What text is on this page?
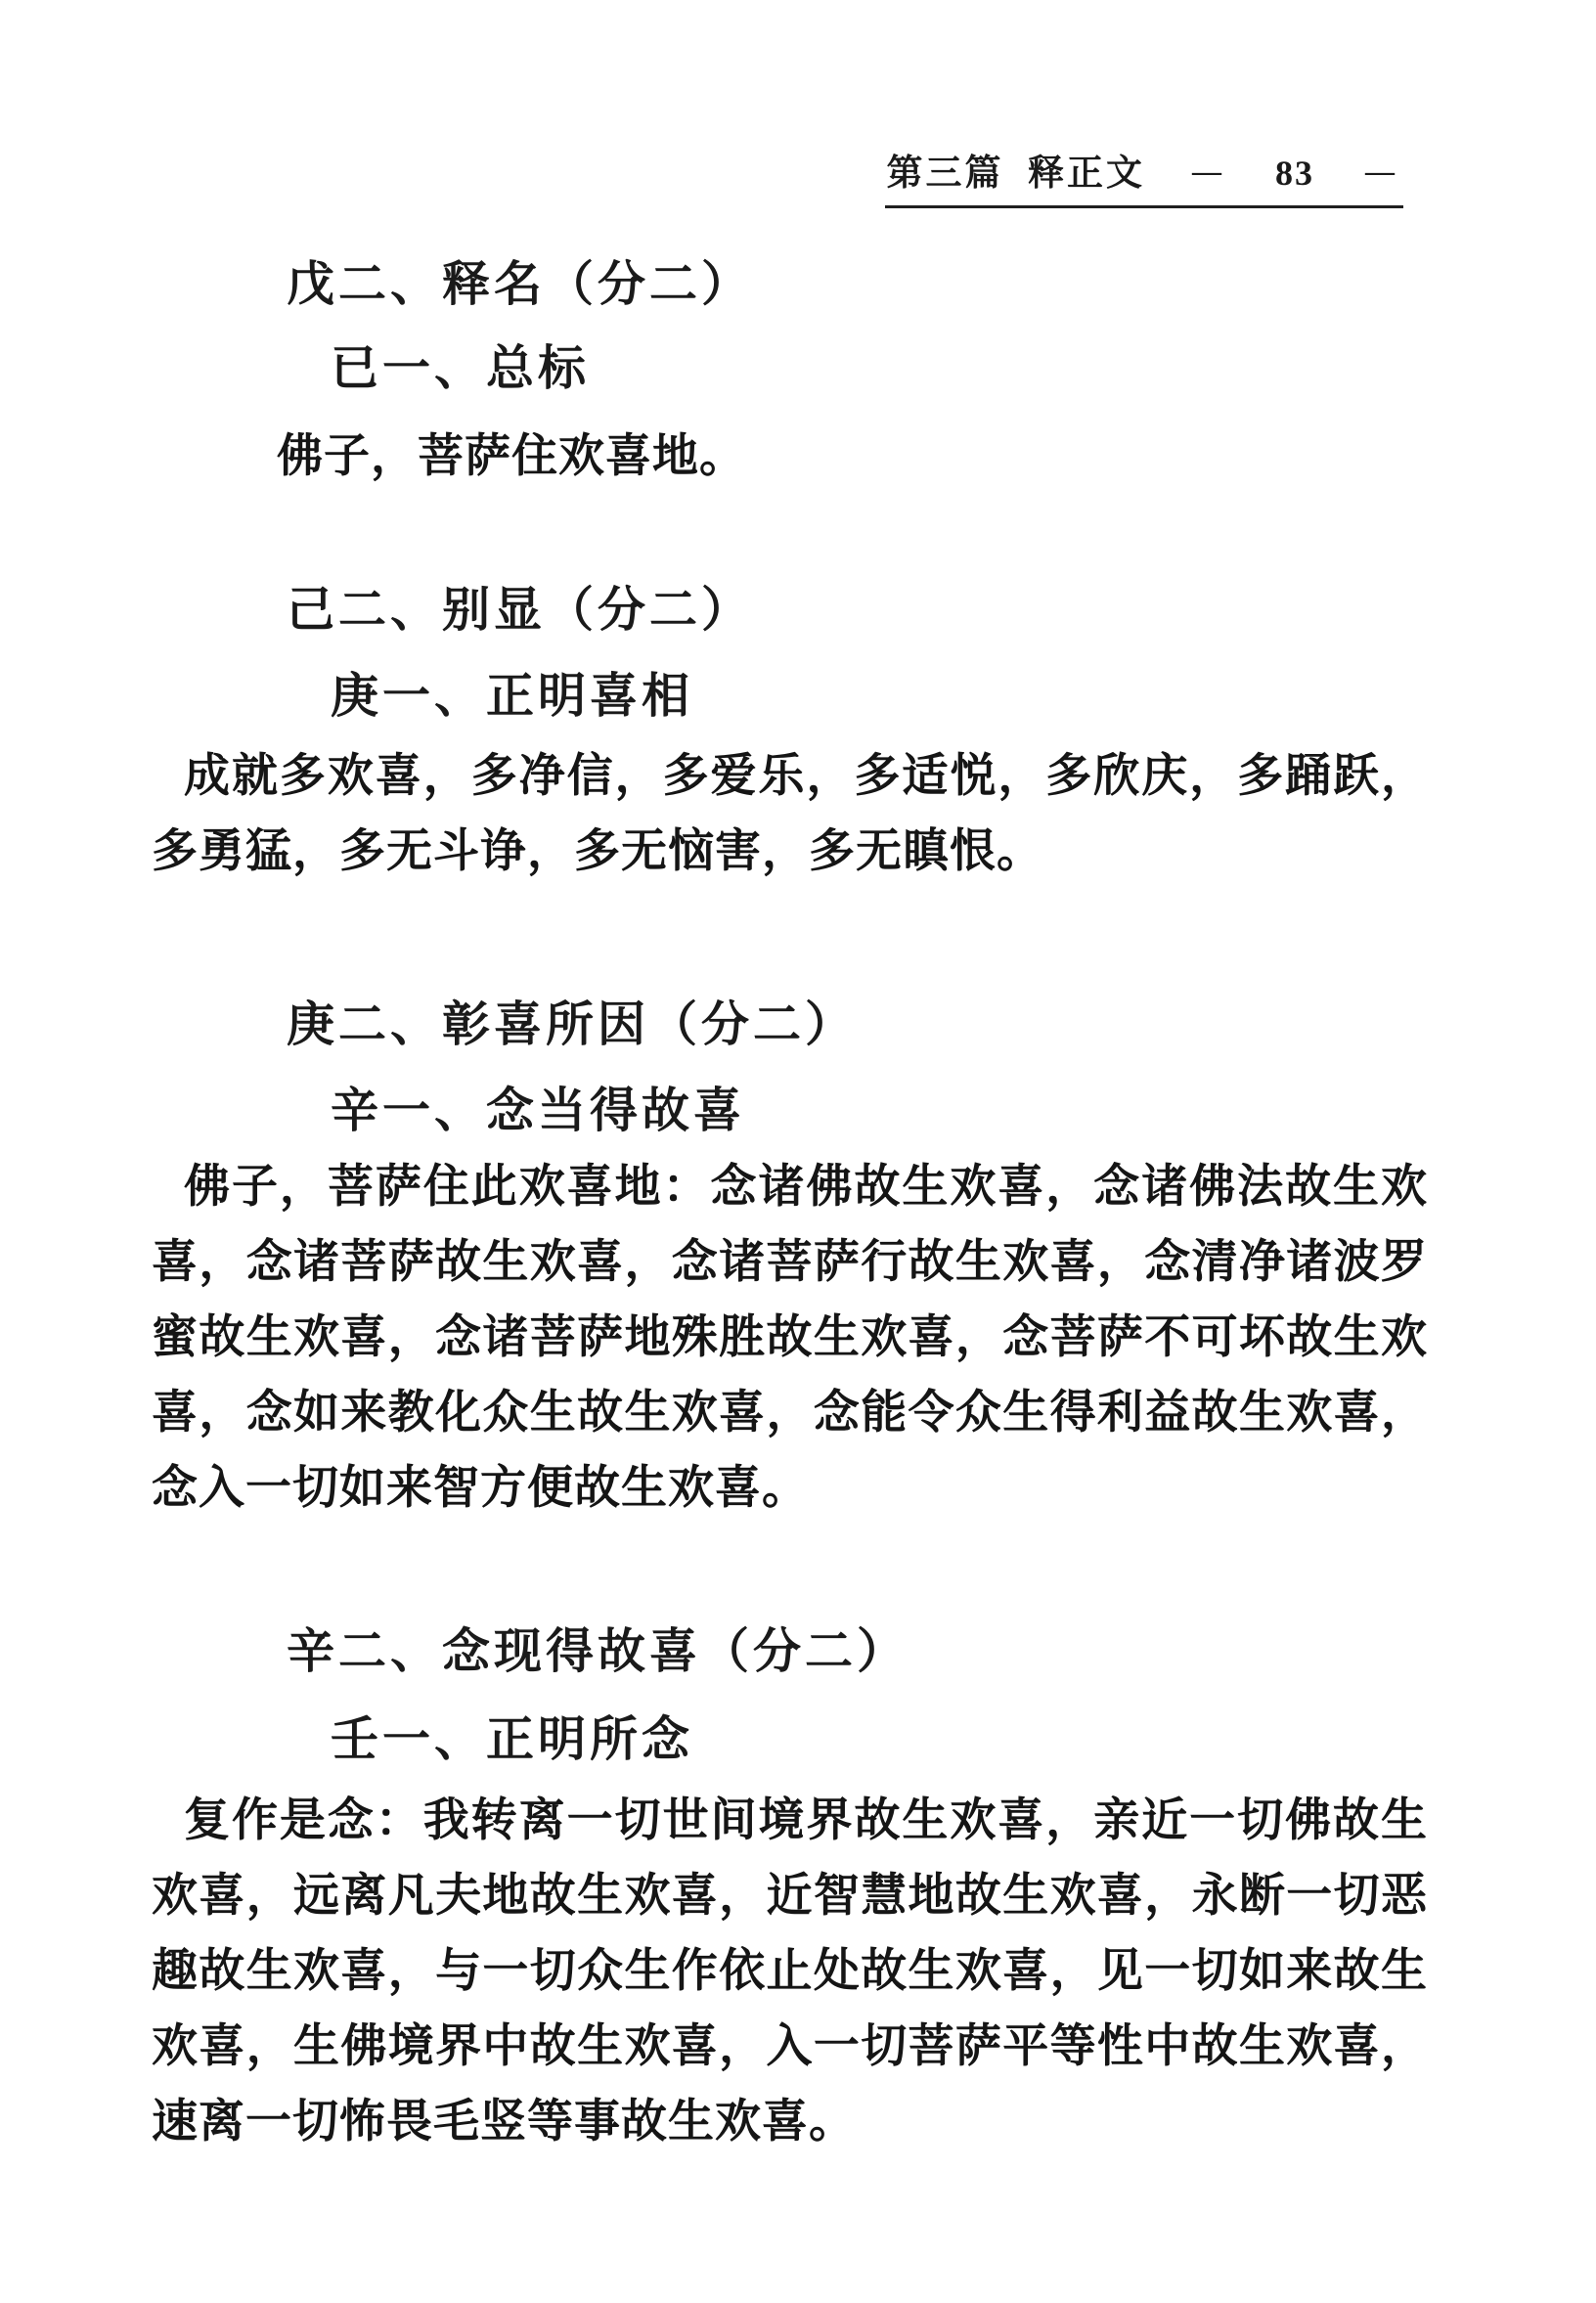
第三篇  释正文 — 83 —
戊二、释名（分二）
已一、总标
佛子，菩萨住欢喜地。
己二、别显（分二）
庚一、正明喜相
成就多欢喜，多净信，多爱乐，多适悦，多欣庆，多踊跃，多勇猛，多无斗诤，多无恼害，多无瞋恨。
庚二、彰喜所因（分二）
辛一、念当得故喜
佛子，菩萨住此欢喜地：念诸佛故生欢喜，念诸佛法故生欢喜，念诸菩萨故生欢喜，念诸菩萨行故生欢喜，念清净诸波罗蜜故生欢喜，念诸菩萨地殊胜故生欢喜，念菩萨不可坏故生欢喜，念如来教化众生故生欢喜，念能令众生得利益故生欢喜，念入一切如来智方便故生欢喜。
辛二、念现得故喜（分二）
壬一、正明所念
复作是念：我转离一切世间境界故生欢喜，亲近一切佛故生欢喜，远离凡夫地故生欢喜，近智慧地故生欢喜，永断一切恶趣故生欢喜，与一切众生作依止处故生欢喜，见一切如来故生欢喜，生佛境界中故生欢喜，入一切菩萨平等性中故生欢喜，速离一切怖畏毛竖等事故生欢喜。
